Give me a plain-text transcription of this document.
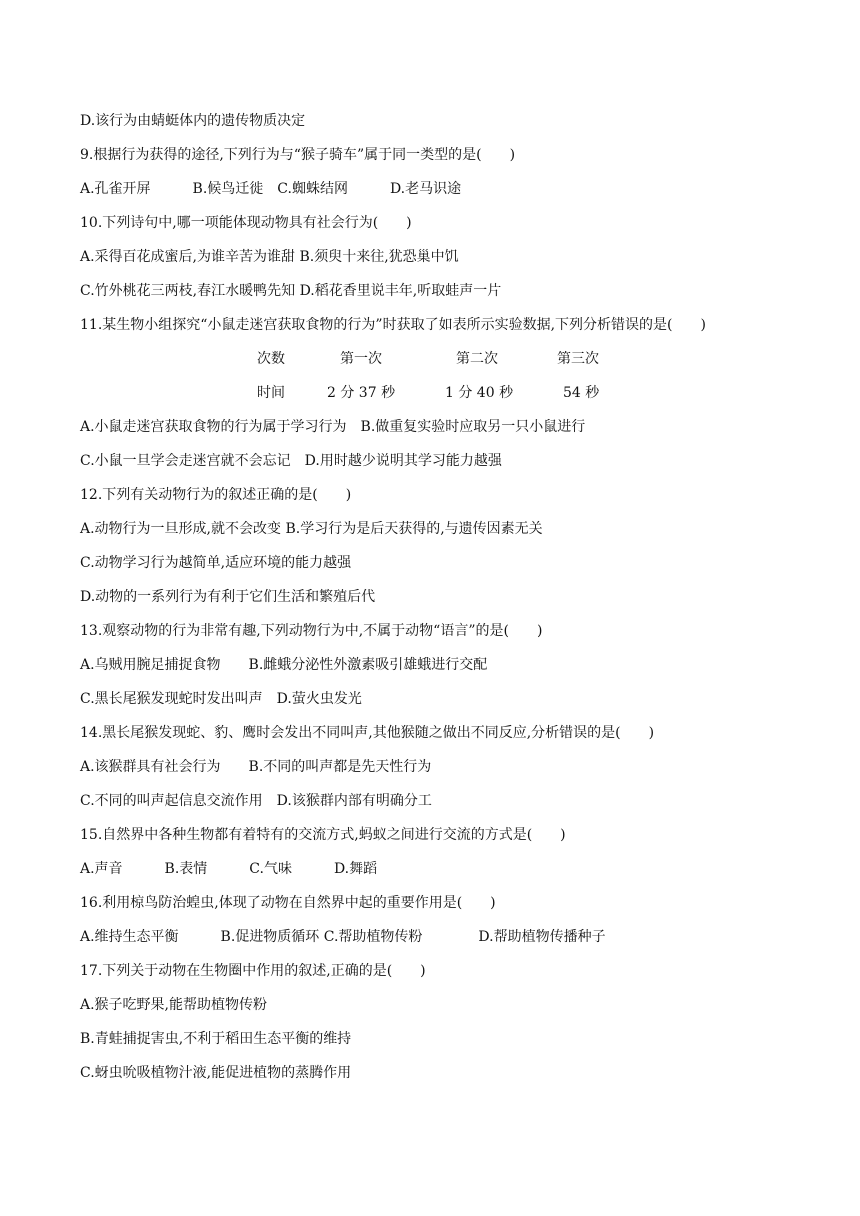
D.该行为由蜻蜓体内的遗传物质决定
9.根据行为获得的途径,下列行为与“猴子骑车”属于同一类型的是(　　)
A.孔雀开屏　　　B.候鸟迁徙　C.蜘蛛结网　　　D.老马识途
10.下列诗句中,哪一项能体现动物具有社会行为(　　)
A.采得百花成蜜后,为谁辛苦为谁甜 B.须臾十来往,犹恐巢中饥
C.竹外桃花三两枝,春江水暖鸭先知 D.稻花香里说丰年,听取蛙声一片
11.某生物小组探究“小鼠走迷宫获取食物的行为”时获取了如表所示实验数据,下列分析错误的是(　　)
次数	第一次	第二次	第三次
时间	2 分 37 秒	1 分 40 秒	54 秒
A.小鼠走迷宫获取食物的行为属于学习行为　B.做重复实验时应取另一只小鼠进行
C.小鼠一旦学会走迷宫就不会忘记　D.用时越少说明其学习能力越强
12.下列有关动物行为的叙述正确的是(　　)
A.动物行为一旦形成,就不会改变 B.学习行为是后天获得的,与遗传因素无关
C.动物学习行为越简单,适应环境的能力越强
D.动物的一系列行为有利于它们生活和繁殖后代
13.观察动物的行为非常有趣,下列动物行为中,不属于动物“语言”的是(　　)
A.乌贼用腕足捕捉食物　　B.雌蛾分泌性外激素吸引雄蛾进行交配
C.黑长尾猴发现蛇时发出叫声　D.萤火虫发光
14.黑长尾猴发现蛇、豹、鹰时会发出不同叫声,其他猴随之做出不同反应,分析错误的是(　　)
A.该猴群具有社会行为　　B.不同的叫声都是先天性行为
C.不同的叫声起信息交流作用　D.该猴群内部有明确分工
15.自然界中各种生物都有着特有的交流方式,蚂蚁之间进行交流的方式是(　　)
A.声音　　　B.表情　　　C.气味　　　D.舞蹈
16.利用椋鸟防治蝗虫,体现了动物在自然界中起的重要作用是(　　)
A.维持生态平衡　　　B.促进物质循环 C.帮助植物传粉　　　　D.帮助植物传播种子
17.下列关于动物在生物圈中作用的叙述,正确的是(　　)
A.猴子吃野果,能帮助植物传粉
B.青蛙捕捉害虫,不利于稻田生态平衡的维持
C.蚜虫吮吸植物汁液,能促进植物的蒸腾作用
